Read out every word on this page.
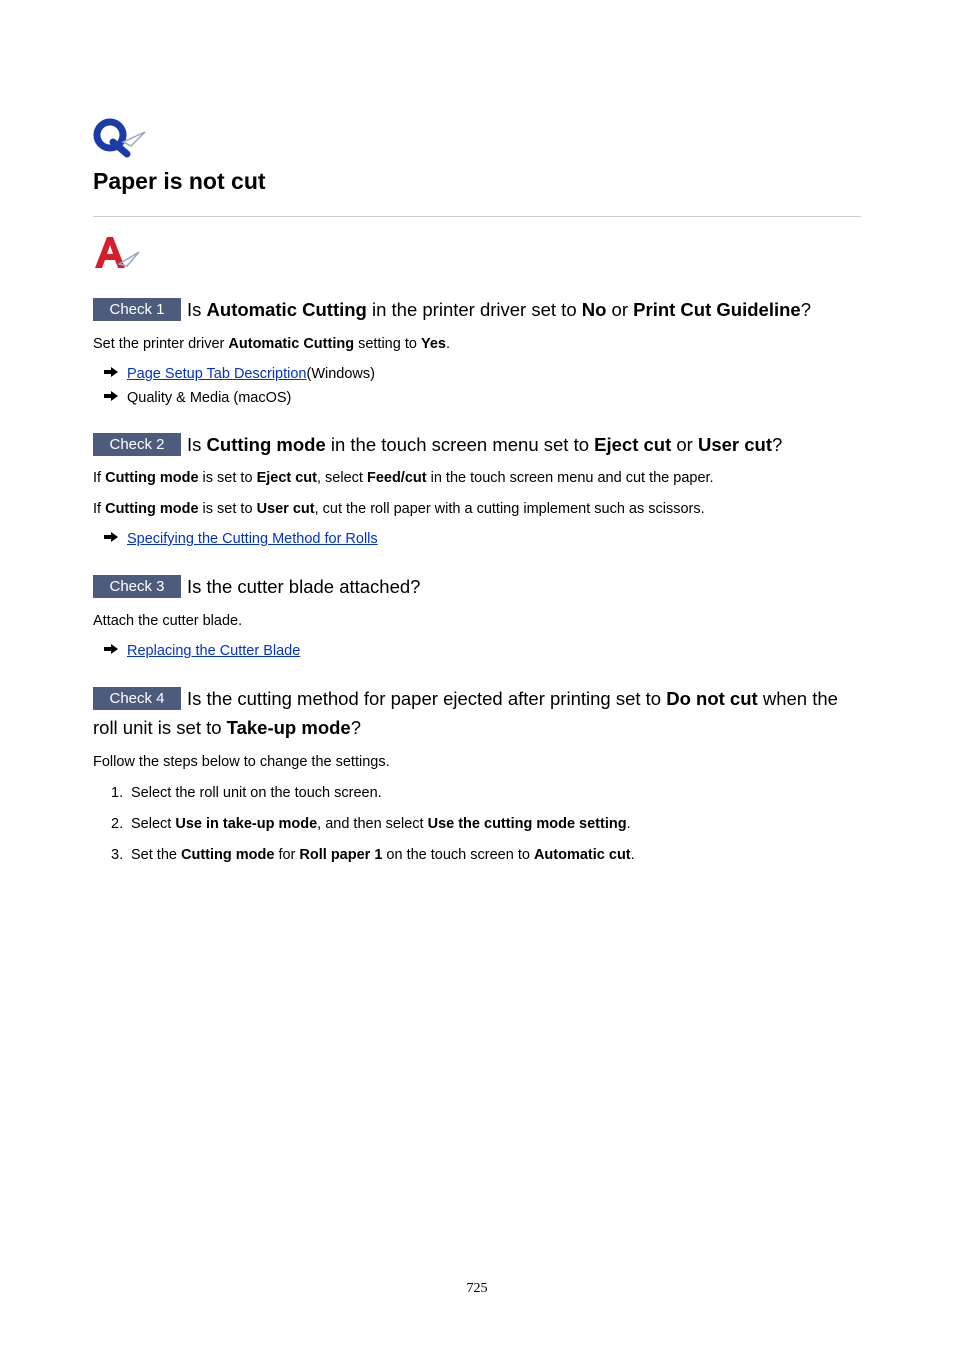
Paper is not cut
Check 1 Is Automatic Cutting in the printer driver set to No or Print Cut Guideline?

Set the printer driver Automatic Cutting setting to Yes.

Page Setup Tab Description (Windows)
Quality & Media (macOS)
Check 2 Is Cutting mode in the touch screen menu set to Eject cut or User cut?

If Cutting mode is set to Eject cut, select Feed/cut in the touch screen menu and cut the paper.

If Cutting mode is set to User cut, cut the roll paper with a cutting implement such as scissors.

Specifying the Cutting Method for Rolls
Check 3 Is the cutter blade attached?

Attach the cutter blade.

Replacing the Cutter Blade
Check 4 Is the cutting method for paper ejected after printing set to Do not cut when the roll unit is set to Take-up mode?

Follow the steps below to change the settings.

1. Select the roll unit on the touch screen.
2. Select Use in take-up mode, and then select Use the cutting mode setting.
3. Set the Cutting mode for Roll paper 1 on the touch screen to Automatic cut.
725
